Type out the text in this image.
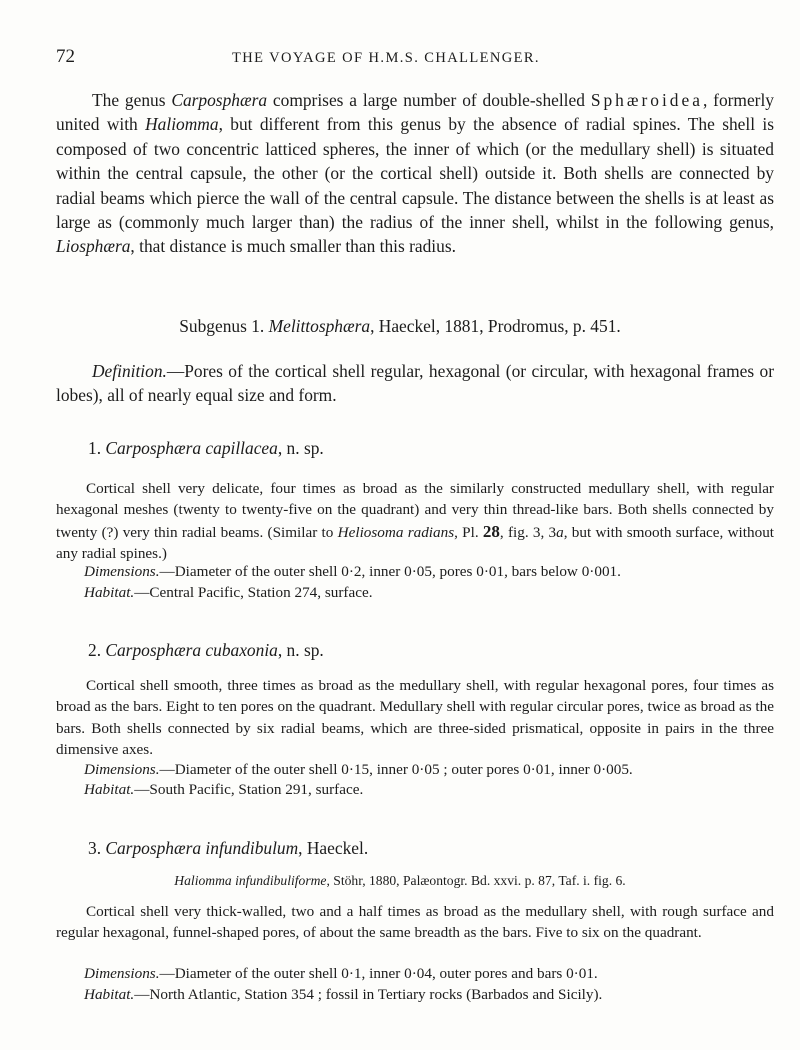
72	THE VOYAGE OF H.M.S. CHALLENGER.

The genus Carposphæra comprises a large number of double-shelled Sphæroidea, formerly united with Haliomma, but different from this genus by the absence of radial spines. The shell is composed of two concentric latticed spheres, the inner of which (or the medullary shell) is situated within the central capsule, the other (or the cortical shell) outside it. Both shells are connected by radial beams which pierce the wall of the central capsule. The distance between the shells is at least as large as (commonly much larger than) the radius of the inner shell, whilst in the following genus, Liosphæra, that distance is much smaller than this radius.

Subgenus 1. Melittosphæra, Haeckel, 1881, Prodromus, p. 451.

Definition.—Pores of the cortical shell regular, hexagonal (or circular, with hexagonal frames or lobes), all of nearly equal size and form.

1. Carposphæra capillacea, n. sp.

Cortical shell very delicate, four times as broad as the similarly constructed medullary shell, with regular hexagonal meshes (twenty to twenty-five on the quadrant) and very thin thread-like bars. Both shells connected by twenty (?) very thin radial beams. (Similar to Heliosoma radians, Pl. 28, fig. 3, 3a, but with smooth surface, without any radial spines.)

Dimensions.—Diameter of the outer shell 0·2, inner 0·05, pores 0·01, bars below 0·001.
Habitat.—Central Pacific, Station 274, surface.
2. Carposphæra cubaxonia, n. sp.

Cortical shell smooth, three times as broad as the medullary shell, with regular hexagonal pores, four times as broad as the bars. Eight to ten pores on the quadrant. Medullary shell with regular circular pores, twice as broad as the bars. Both shells connected by six radial beams, which are three-sided prismatical, opposite in pairs in the three dimensive axes.

Dimensions.—Diameter of the outer shell 0·15, inner 0·05 ; outer pores 0·01, inner 0·005.
Habitat.—South Pacific, Station 291, surface.
3. Carposphæra infundibulum, Haeckel.
Haliomma infundibuliforme, Stöhr, 1880, Palæontogr. Bd. xxvi. p. 87, Taf. i. fig. 6.

Cortical shell very thick-walled, two and a half times as broad as the medullary shell, with rough surface and regular hexagonal, funnel-shaped pores, of about the same breadth as the bars. Five to six on the quadrant.

Dimensions.—Diameter of the outer shell 0·1, inner 0·04, outer pores and bars 0·01.
Habitat.—North Atlantic, Station 354 ; fossil in Tertiary rocks (Barbados and Sicily).
